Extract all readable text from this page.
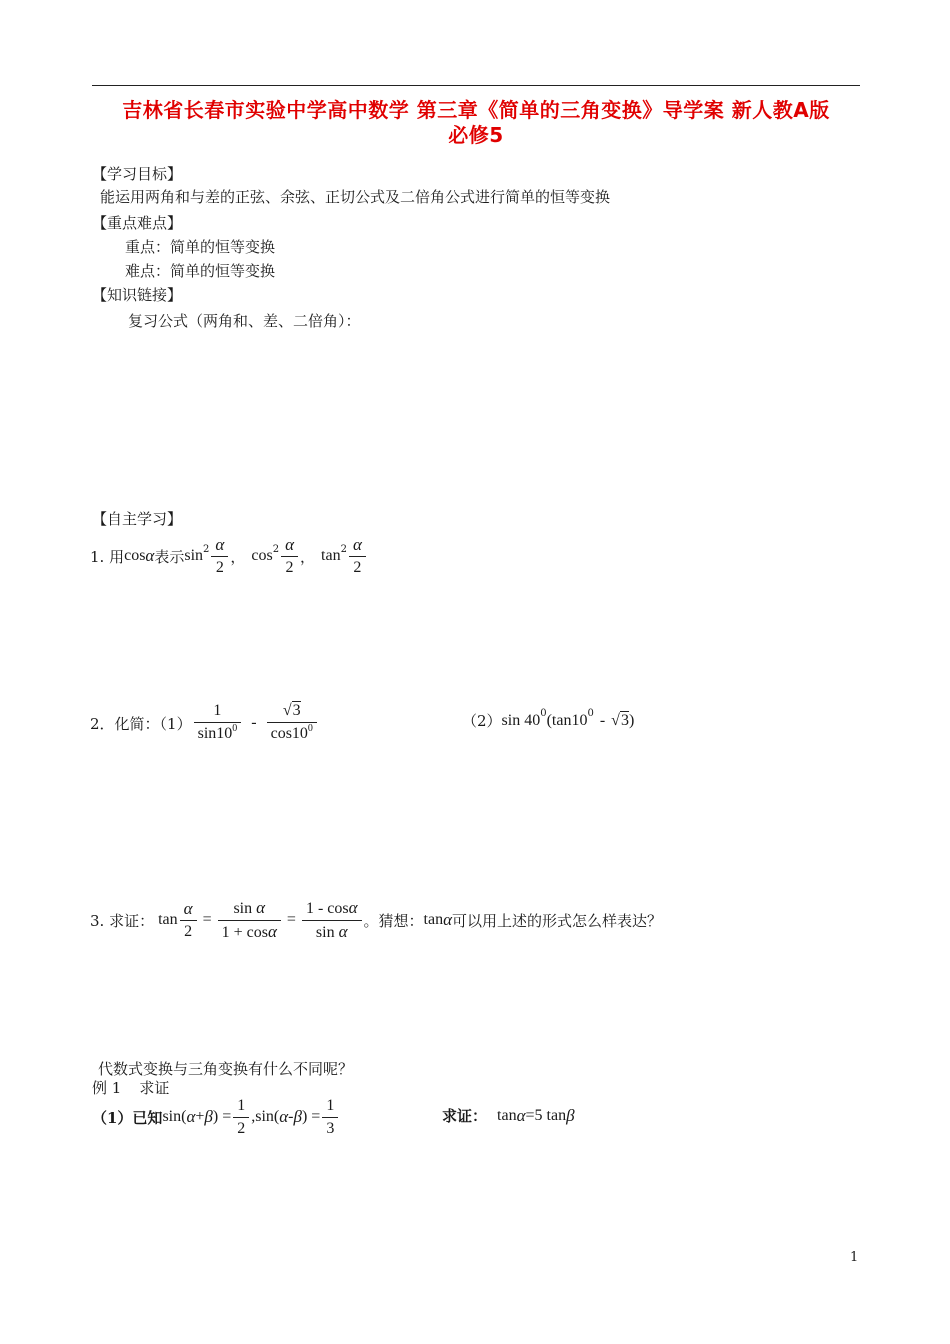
吉林省长春市实验中学高中数学 第三章《简单的三角变换》导学案 新人教A版
必修5
【学习目标】
能运用两角和与差的正弦、余弦、正切公式及二倍角公式进行简单的恒等变换
【重点难点】
重点：简单的恒等变换
难点：简单的恒等变换
【知识链接】
复习公式（两角和、差、二倍角）：
【自主学习】
1. 用 cos α 表示 $\sin 2 \frac{\alpha}{2}$ ， $\cos 2 \frac{\alpha}{2}$ ， $\tan 2 \frac{\alpha}{2}$
2．化简：$(1) \frac{1}{\sin 10^0} - \frac{√3}{\cos 10^0}$	（2） sin 40 0 (tan10 0 - √3 )
3. 求证： $\tan \frac{\alpha}{2} = \frac{\text{sin α}}{1 + \cos\alpha} = \frac{1 - \cos\alpha}{\text{sin α}}$ 。猜想： tan α 可以用上述的形式怎么样表达？
代数式变换与三角变换有什么不同呢？
例 1 求证
（1）已知 sin( α + β ) = $\frac{1}{2} ,\sin$( α - β ) = $\frac{1}{3}$	求证： tan α =5 tan β
1
